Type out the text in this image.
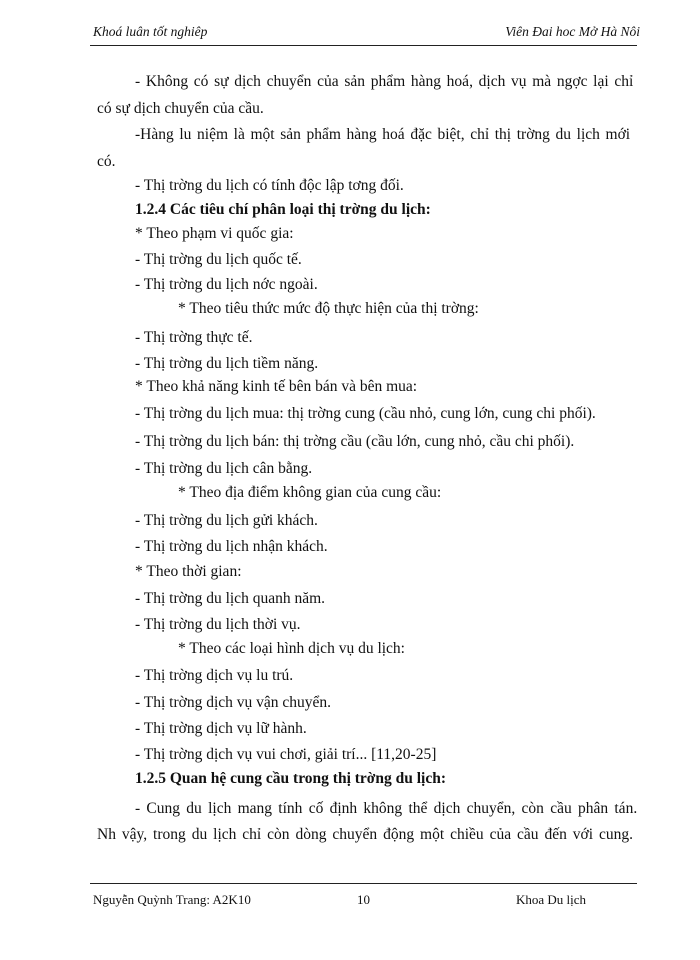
Khoá luân tốt nghiêp	Viên Đai hoc Mở Hà Nôi
- Không có sự dịch chuyển của sản phẩm hàng hoá, dịch vụ mà ngợc lại chỉ
có sự dịch chuyển của cầu.
-Hàng lu niệm là một sản phẩm hàng hoá đặc biệt, chỉ thị trờng du lịch mới
có.
- Thị trờng du lịch có tính độc lập tơng đối.
1.2.4 Các tiêu chí phân loại thị trờng du lịch:
* Theo phạm vi quốc gia:
- Thị trờng du lịch quốc tế.
- Thị trờng du lịch nớc ngoài.
* Theo tiêu thức mức độ thực hiện của thị trờng:
- Thị trờng thực tế.
- Thị trờng du lịch tiềm năng.
* Theo khả năng kinh tế bên bán và bên mua:
- Thị trờng du lịch mua: thị trờng cung (cầu nhỏ, cung lớn, cung chi phối).
- Thị trờng du lịch bán: thị trờng cầu (cầu lớn, cung nhỏ, cầu chi phối).
- Thị trờng du lịch cân bằng.
* Theo địa điểm không gian của cung cầu:
- Thị trờng du lịch gửi khách.
- Thị trờng du lịch nhận khách.
* Theo thời gian:
- Thị trờng du lịch quanh năm.
- Thị trờng du lịch thời vụ.
* Theo các loại hình dịch vụ du lịch:
- Thị trờng dịch vụ lu trú.
- Thị trờng dịch vụ vận chuyển.
- Thị trờng dịch vụ lữ hành.
- Thị trờng dịch vụ vui chơi, giải trí... [11,20-25]
1.2.5 Quan hệ cung cầu trong thị trờng du lịch:
- Cung du lịch mang tính cố định không thể dịch chuyển, còn cầu phân tán.
Nh vậy, trong du lịch chỉ còn dòng chuyển động một chiều của cầu đến với cung.
Nguyễn Quỳnh Trang: A2K10	10	Khoa Du lịch
